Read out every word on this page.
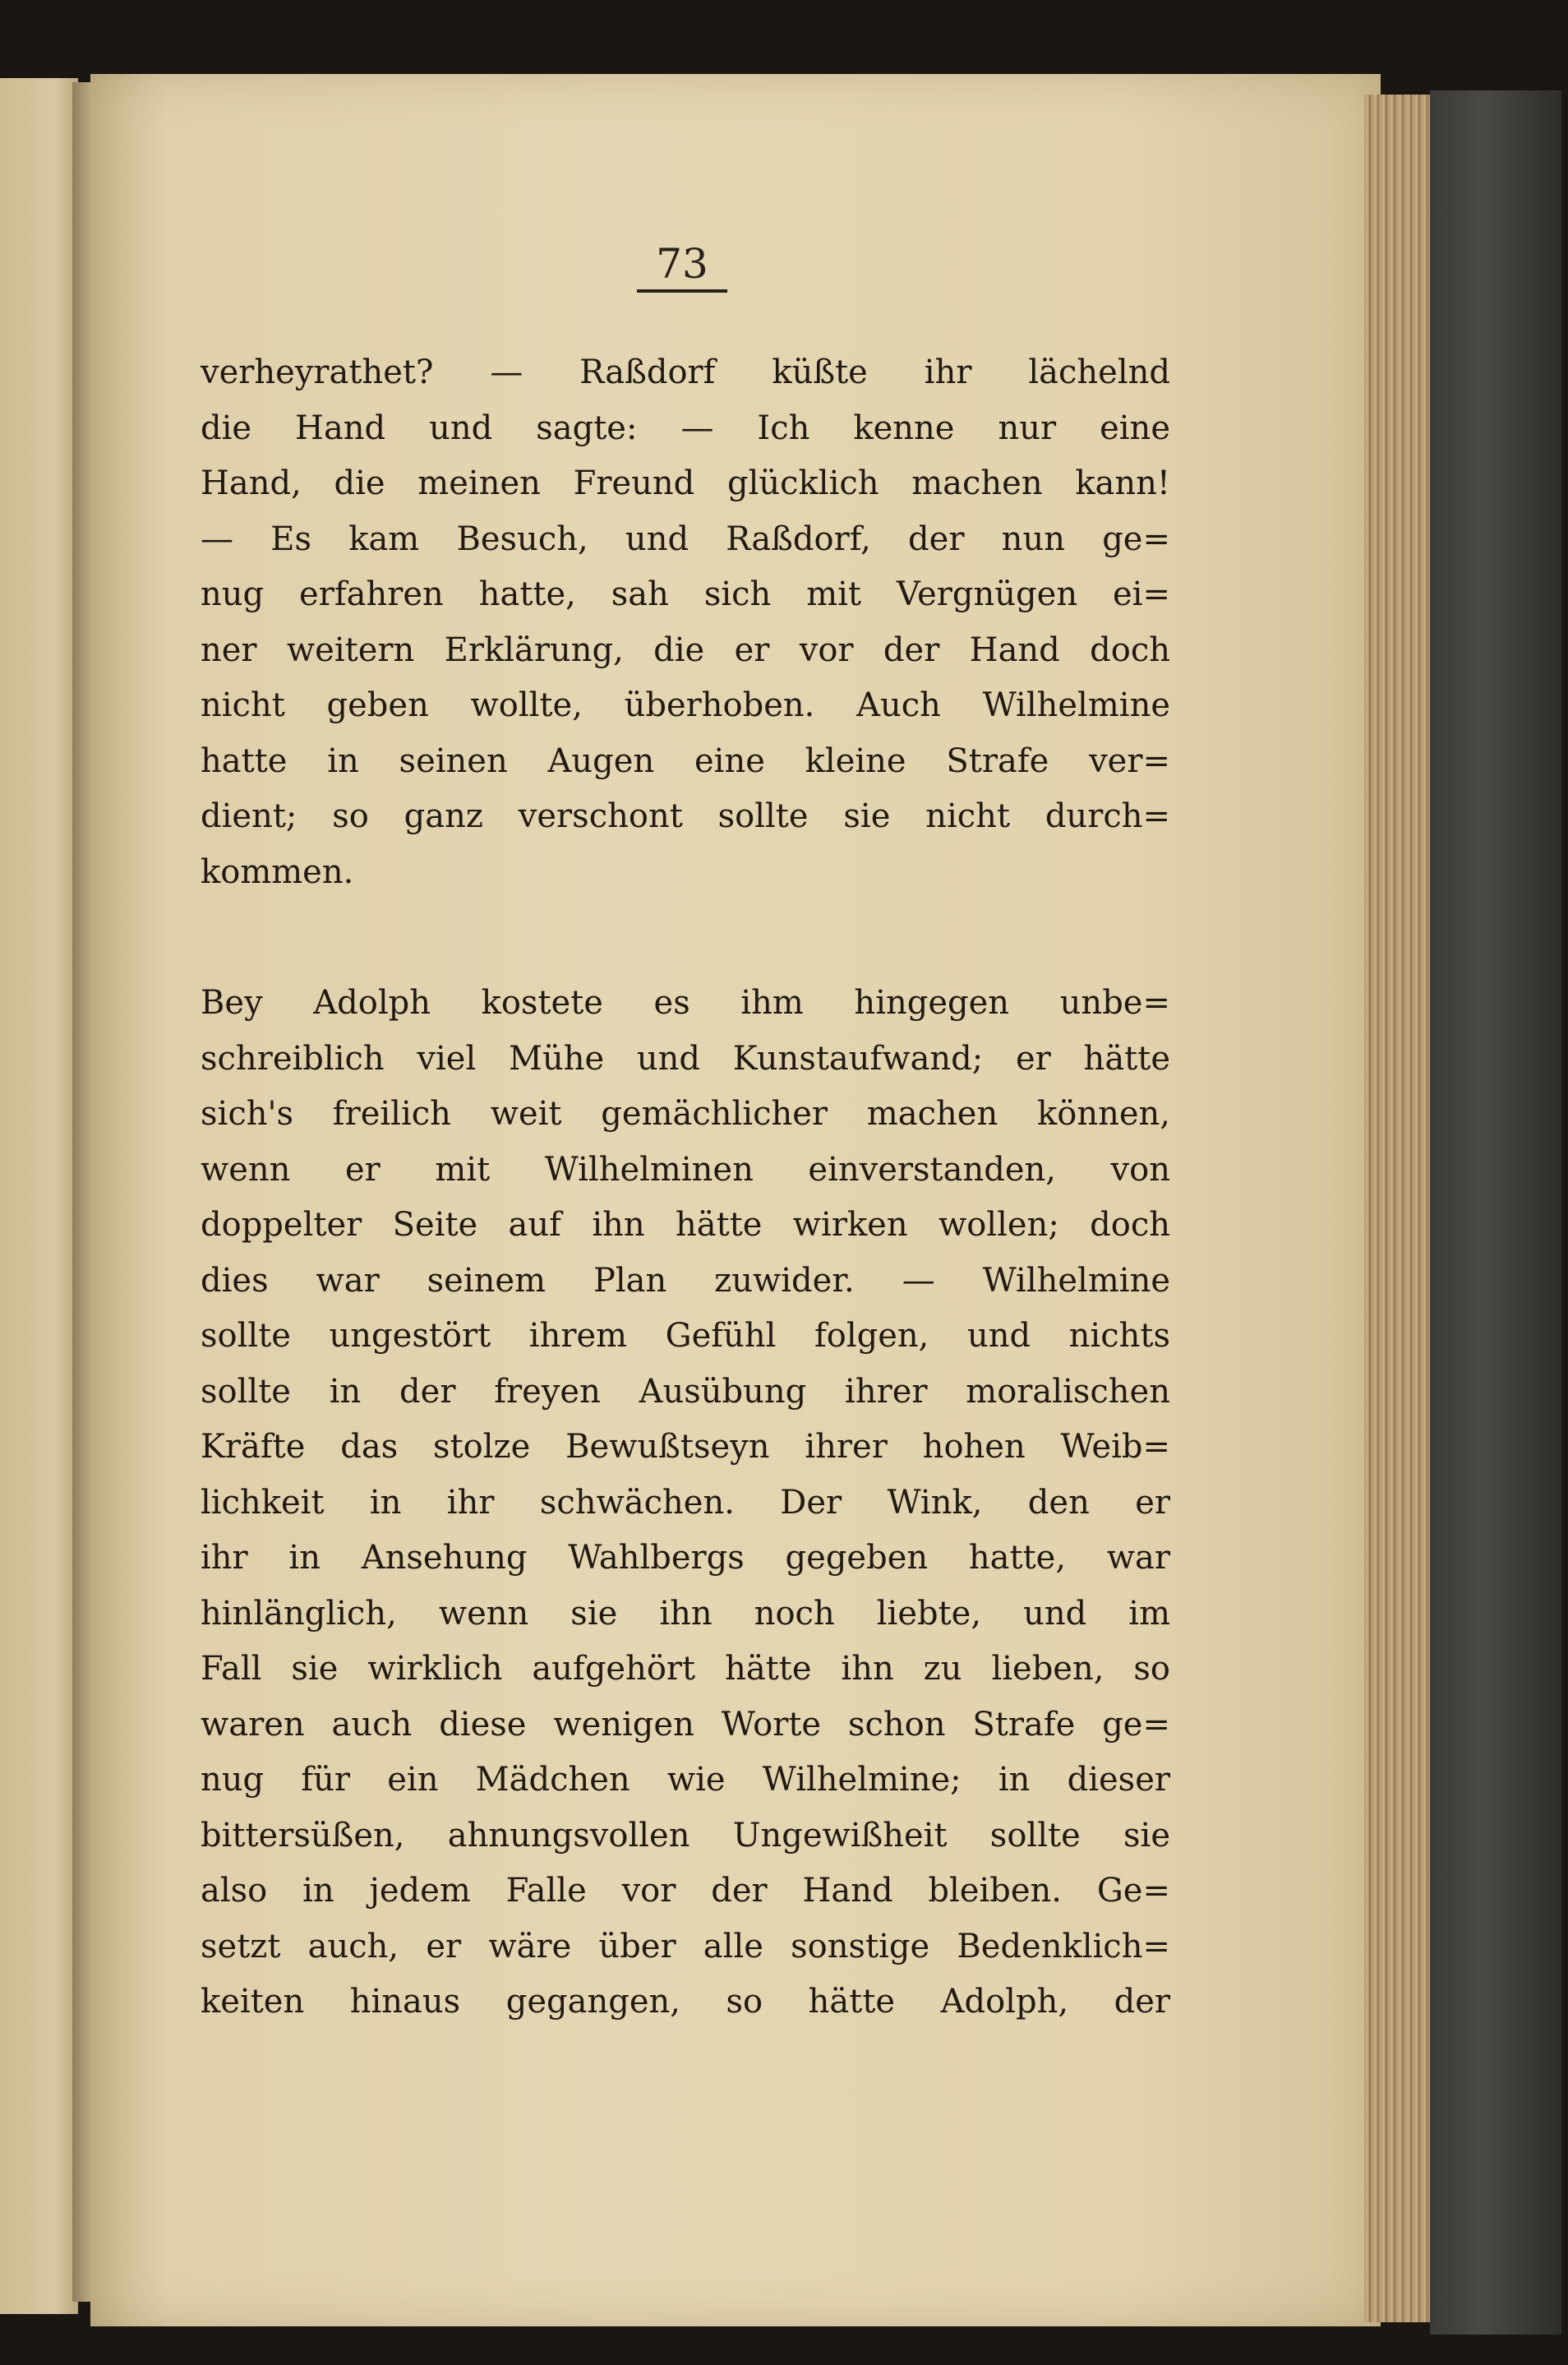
73
verheyrathet? — Raßdorf küßte ihr lächelnd
die Hand und sagte: — Ich kenne nur eine
Hand, die meinen Freund glücklich machen kann!
— Es kam Besuch, und Raßdorf, der nun ge=
nug erfahren hatte, sah sich mit Vergnügen ei=
ner weitern Erklärung, die er vor der Hand doch
nicht geben wollte, überhoben. Auch Wilhelmine
hatte in seinen Augen eine kleine Strafe ver=
dient; so ganz verschont sollte sie nicht durch=
kommen.
Bey Adolph kostete es ihm hingegen unbe=
schreiblich viel Mühe und Kunstaufwand; er hätte
sich's freilich weit gemächlicher machen können,
wenn er mit Wilhelminen einverstanden, von
doppelter Seite auf ihn hätte wirken wollen; doch
dies war seinem Plan zuwider. — Wilhelmine
sollte ungestört ihrem Gefühl folgen, und nichts
sollte in der freyen Ausübung ihrer moralischen
Kräfte das stolze Bewußtseyn ihrer hohen Weib=
lichkeit in ihr schwächen. Der Wink, den er
ihr in Ansehung Wahlbergs gegeben hatte, war
hinlänglich, wenn sie ihn noch liebte, und im
Fall sie wirklich aufgehört hätte ihn zu lieben, so
waren auch diese wenigen Worte schon Strafe ge=
nug für ein Mädchen wie Wilhelmine; in dieser
bittersüßen, ahnungsvollen Ungewißheit sollte sie
also in jedem Falle vor der Hand bleiben. Ge=
setzt auch, er wäre über alle sonstige Bedenklich=
keiten hinaus gegangen, so hätte Adolph, der
